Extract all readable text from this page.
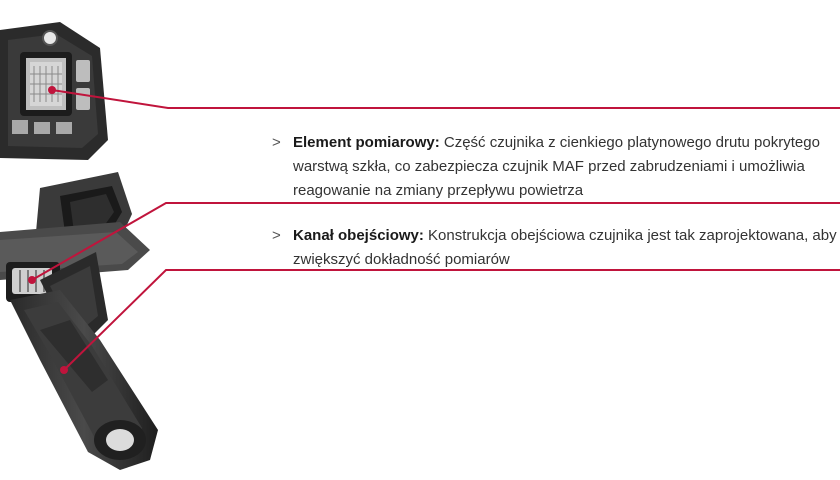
> Element pomiarowy: Część czujnika z cienkiego platynowego drutu pokrytego
warstwą szkła, co zabezpiecza czujnik MAF przed zabrudzeniami i umożliwia
reagowanie na zmiany przepływu powietrza
> Kanał obejściowy: Konstrukcja obejściowa czujnika jest tak zaprojektowana, aby
zwiększyć dokładność pomiarów
